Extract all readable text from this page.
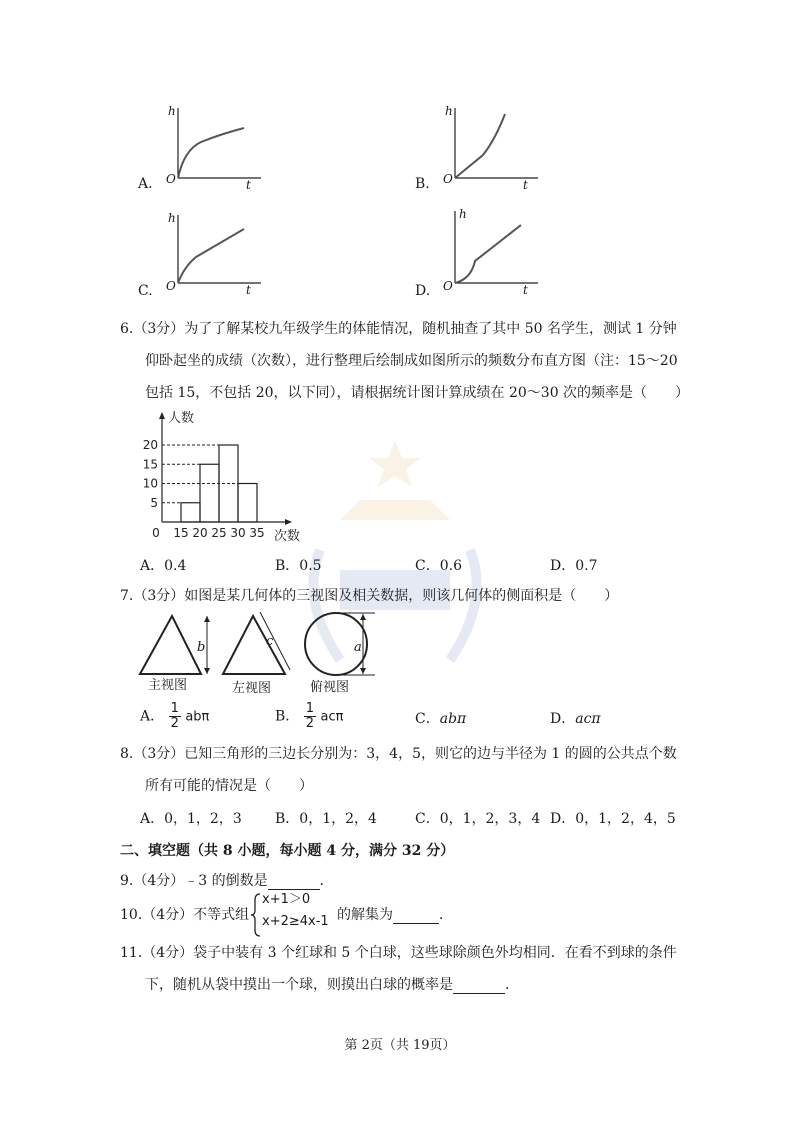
A.
h
O	t	B.
h
O	t
C.
h
O	t	D.
h
O	t
6.（3分）为了了解某校九年级学生的体能情况，随机抽查了其中 50 名学生，测试 1 分钟
仰卧起坐的成绩（次数），进行整理后绘制成如图所示的频数分布直方图（注：15～20
包括 15，不包括 20，以下同），请根据统计图计算成绩在 20～30 次的频率是（　　）
5
10
15
20
0 15 20 25 30 35
人数
次数
A．0.4	B．0.5	C．0.6	D．0.7
7.（3分）如图是某几何体的三视图及相关数据，则该几何体的侧面积是（　　）
b	c	a
主视图	左视图	俯视图
A． $\frac{1}{2}$ abπ	B． $\frac{1}{2}$ acπ	C．abπ	D．acπ
8.（3分）已知三角形的三边长分别为：3，4，5，则它的边与半径为 1 的圆的公共点个数
所有可能的情况是（　　）
A．0，1，2，3 B．0，1，2，4	C．0，1，2，3，4 D．0，1，2，4，5
二、填空题（共 8 小题，每小题 4 分，满分 32 分）
9.（4分）﹣3 的倒数是	．
10.（4分）不等式组
x+1＞0
x+2≥4x-1 的解集为	．
11.（4分）袋子中装有 3 个红球和 5 个白球，这些球除颜色外均相同．在看不到球的条件
下，随机从袋中摸出一个球，则摸出白球的概率是	．
第 2页（共 19页）
